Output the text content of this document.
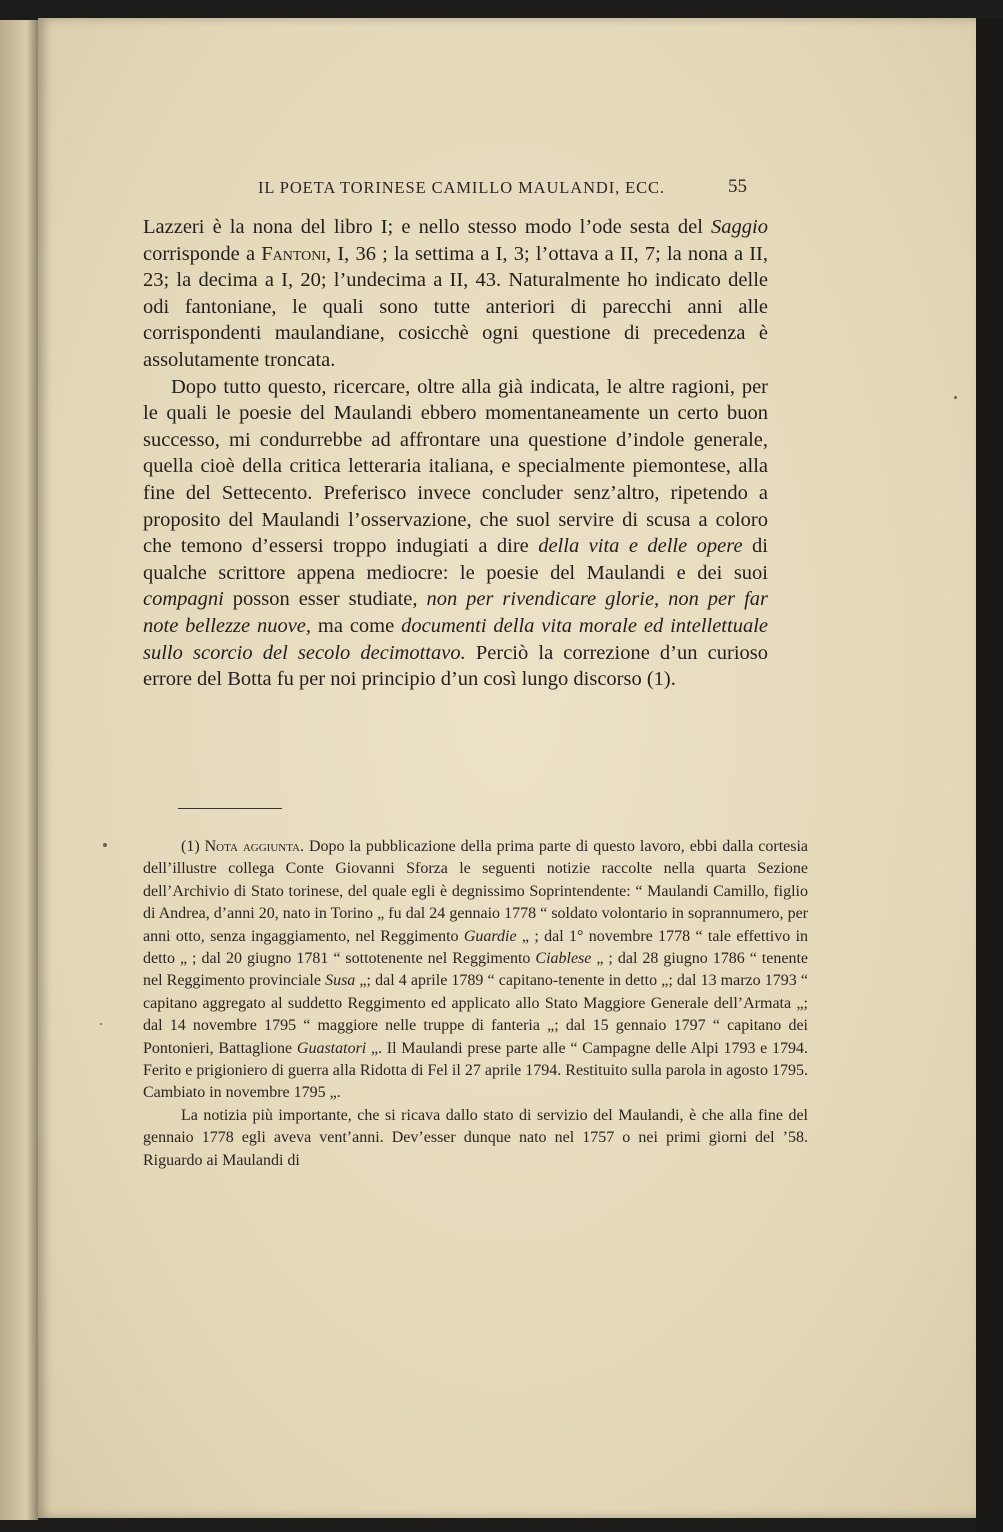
IL POETA TORINESE CAMILLO MAULANDI, ECC.	55

Lazzeri è la nona del libro I; e nello stesso modo l’ode sesta del Saggio corrisponde a Fantoni, I, 36 ; la settima a I, 3; l’ottava a II, 7; la nona a II, 23; la decima a I, 20; l’undecima a II, 43. Naturalmente ho indicato delle odi fantoniane, le quali sono tutte anteriori di parecchi anni alle corrispondenti maulandiane, cosicchè ogni questione di precedenza è assolutamente troncata.

Dopo tutto questo, ricercare, oltre alla già indicata, le altre ragioni, per le quali le poesie del Maulandi ebbero momentaneamente un certo buon successo, mi condurrebbe ad affrontare una questione d’indole generale, quella cioè della critica letteraria italiana, e specialmente piemontese, alla fine del Settecento. Preferisco invece concluder senz’altro, ripetendo a proposito del Maulandi l’osservazione, che suol servire di scusa a coloro che temono d’essersi troppo indugiati a dire della vita e delle opere di qualche scrittore appena mediocre: le poesie del Maulandi e dei suoi compagni posson esser studiate, non per rivendicare glorie, non per far note bellezze nuove, ma come documenti della vita morale ed intellettuale sullo scorcio del secolo decimottavo. Perciò la correzione d’un curioso errore del Botta fu per noi principio d’un così lungo discorso (1).

(1) Nota aggiunta. Dopo la pubblicazione della prima parte di questo lavoro, ebbi dalla cortesia dell’illustre collega Conte Giovanni Sforza le seguenti notizie raccolte nella quarta Sezione dell’Archivio di Stato torinese, del quale egli è degnissimo Soprintendente: “ Maulandi Camillo, figlio di Andrea, d’anni 20, nato in Torino „ fu dal 24 gennaio 1778 “ soldato volontario in soprannumero, per anni otto, senza ingaggiamento, nel Reggimento Guardie „ ; dal 1° novembre 1778 “ tale effettivo in detto „ ; dal 20 giugno 1781 “ sottotenente nel Reggimento Ciablese „ ; dal 28 giugno 1786 “ tenente nel Reggimento provinciale Susa „; dal 4 aprile 1789 “ capitano-tenente in detto „; dal 13 marzo 1793 “ capitano aggregato al suddetto Reggimento ed applicato allo Stato Maggiore Generale dell’Armata „; dal 14 novembre 1795 “ maggiore nelle truppe di fanteria „; dal 15 gennaio 1797 “ capitano dei Pontonieri, Battaglione Guastatori „. Il Maulandi prese parte alle “ Campagne delle Alpi 1793 e 1794. Ferito e prigioniero di guerra alla Ridotta di Fel il 27 aprile 1794. Restituito sulla parola in agosto 1795. Cambiato in novembre 1795 „.

La notizia più importante, che si ricava dallo stato di servizio del Maulandi, è che alla fine del gennaio 1778 egli aveva vent’anni. Dev’esser dunque nato nel 1757 o nei primi giorni del ’58. Riguardo ai Maulandi di
